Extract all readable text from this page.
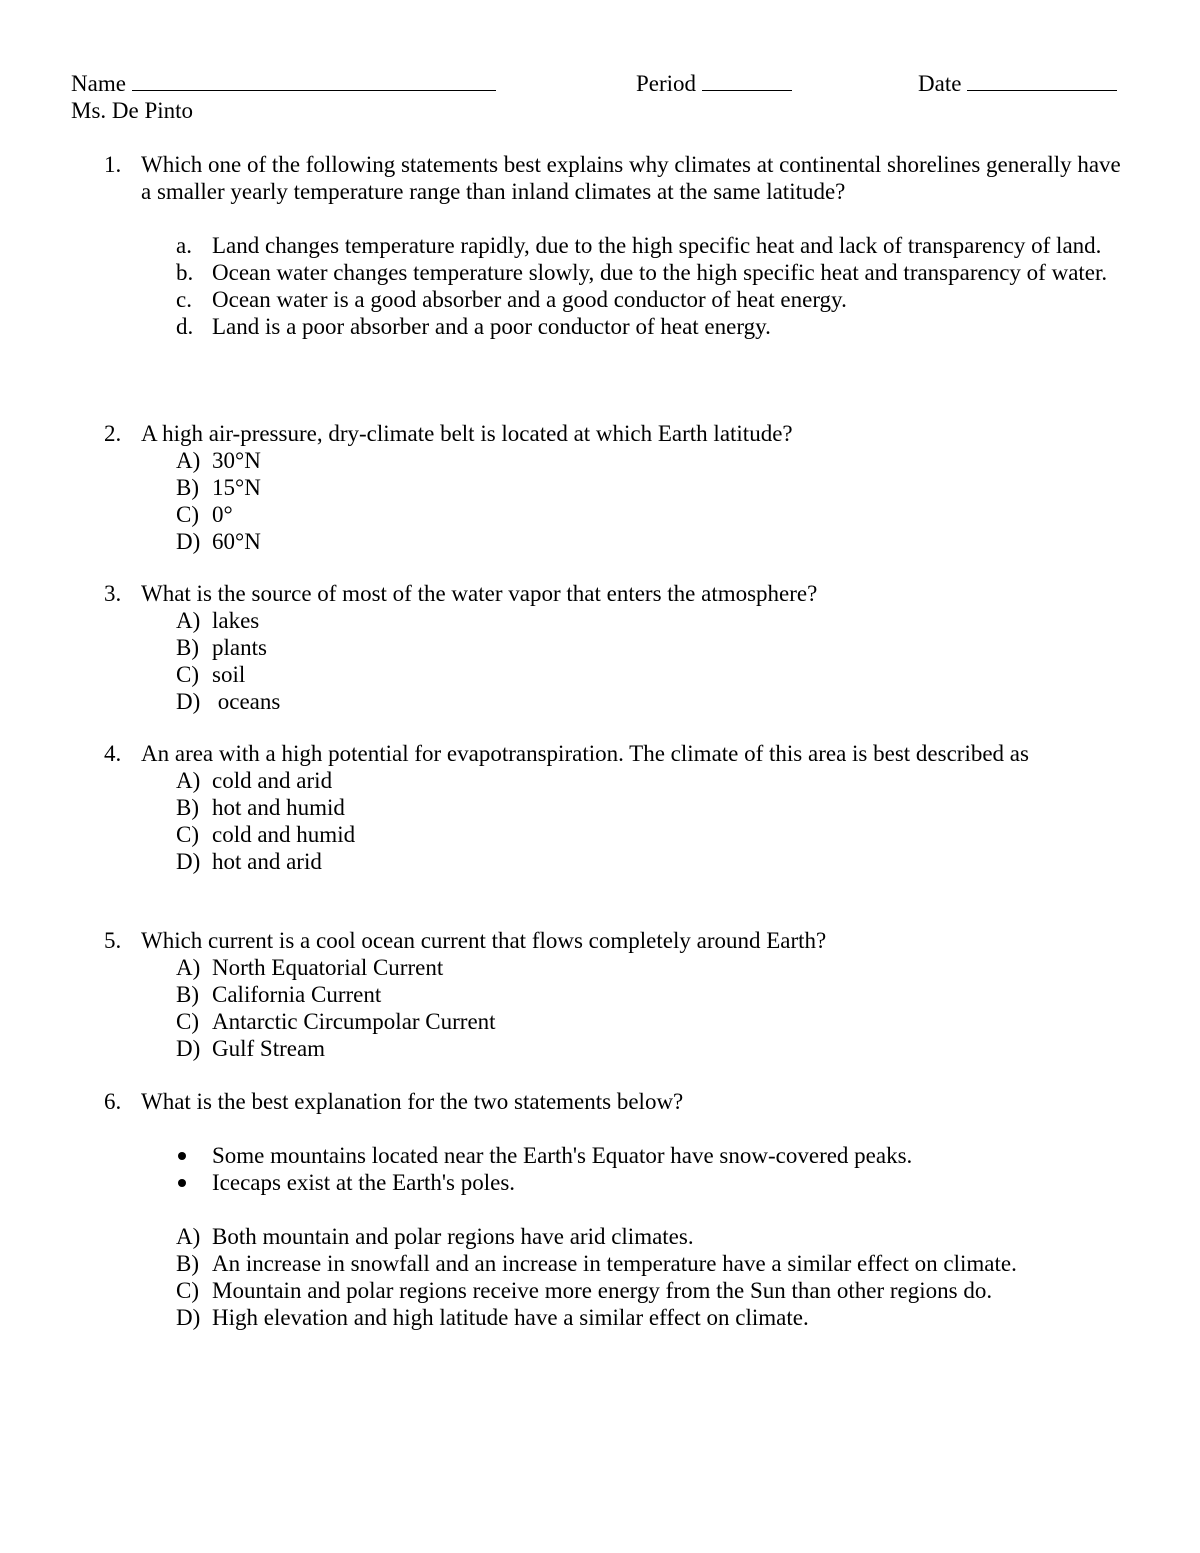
Name	Period	Date
Ms. De Pinto
1. Which one of the following statements best explains why climates at continental shorelines generally have a smaller yearly temperature range than inland climates at the same latitude?
a. Land changes temperature rapidly, due to the high specific heat and lack of transparency of land.
b. Ocean water changes temperature slowly, due to the high specific heat and transparency of water.
c. Ocean water is a good absorber and a good conductor of heat energy.
d. Land is a poor absorber and a poor conductor of heat energy.
2. A high air-pressure, dry-climate belt is located at which Earth latitude?
A) 30°N
B) 15°N
C) 0°
D) 60°N
3. What is the source of most of the water vapor that enters the atmosphere?
A) lakes
B) plants
C) soil
D) oceans
4. An area with a high potential for evapotranspiration. The climate of this area is best described as
A) cold and arid
B) hot and humid
C) cold and humid
D) hot and arid
5. Which current is a cool ocean current that flows completely around Earth?
A) North Equatorial Current
B) California Current
C) Antarctic Circumpolar Current
D) Gulf Stream
6. What is the best explanation for the two statements below?
Some mountains located near the Earth's Equator have snow-covered peaks.
Icecaps exist at the Earth's poles.
A) Both mountain and polar regions have arid climates.
B) An increase in snowfall and an increase in temperature have a similar effect on climate.
C) Mountain and polar regions receive more energy from the Sun than other regions do.
D) High elevation and high latitude have a similar effect on climate.
